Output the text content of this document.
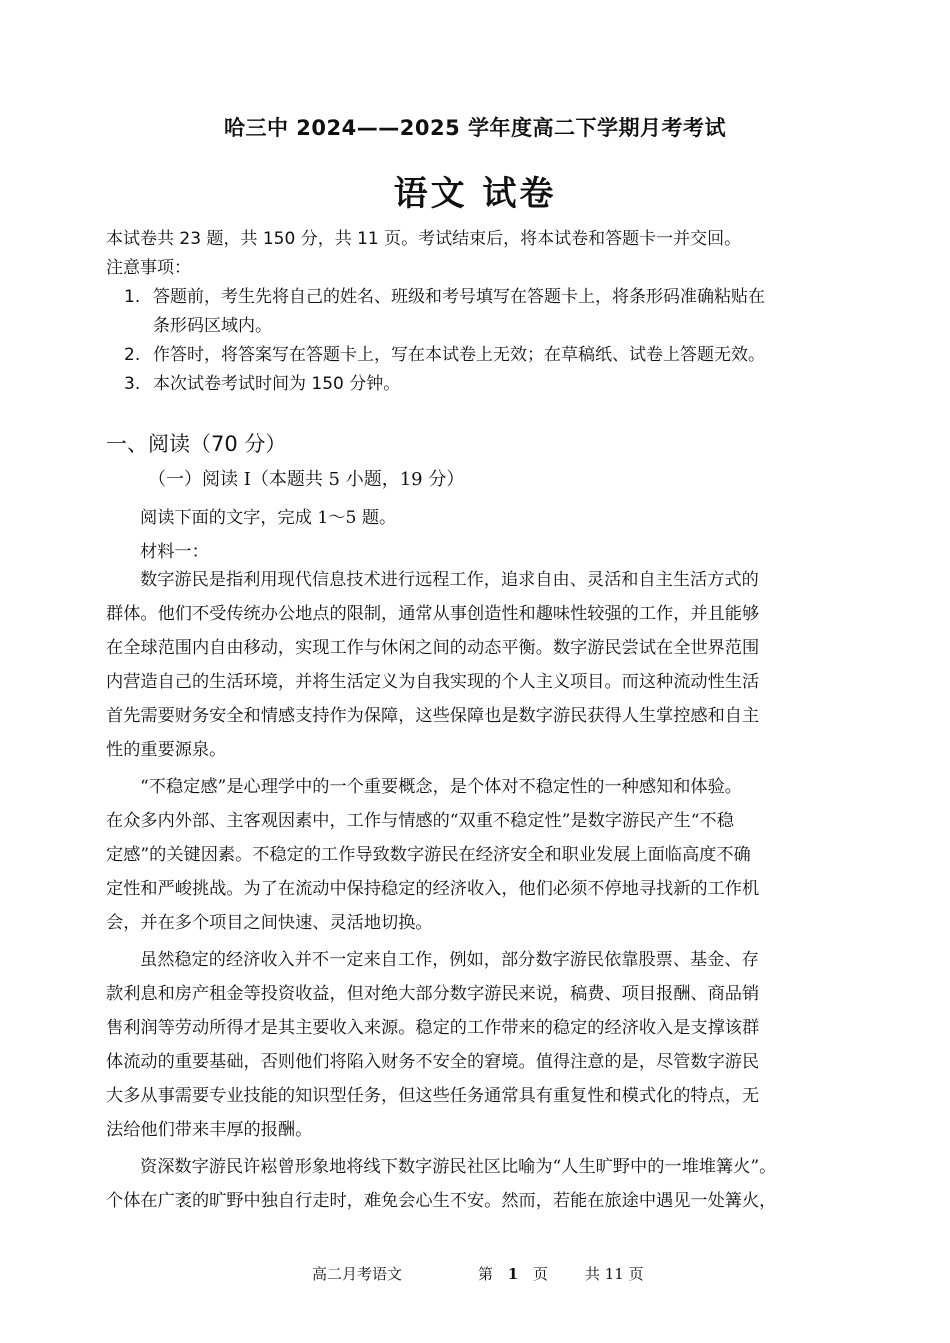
哈三中 2024——2025 学年度高二下学期月考考试
语文 试卷
本试卷共 23 题，共 150 分，共 11 页。考试结束后，将本试卷和答题卡一并交回。
注意事项：
1. 答题前，考生先将自己的姓名、班级和考号填写在答题卡上，将条形码准确粘贴在
条形码区域内。
2. 作答时，将答案写在答题卡上，写在本试卷上无效；在草稿纸、试卷上答题无效。
3. 本次试卷考试时间为 150 分钟。
一、阅读（70 分）
（一）阅读 I（本题共 5 小题，19 分）
阅读下面的文字，完成 1～5 题。
材料一：
数字游民是指利用现代信息技术进行远程工作，追求自由、灵活和自主生活方式的
群体。他们不受传统办公地点的限制，通常从事创造性和趣味性较强的工作，并且能够
在全球范围内自由移动，实现工作与休闲之间的动态平衡。数字游民尝试在全世界范围
内营造自己的生活环境，并将生活定义为自我实现的个人主义项目。而这种流动性生活
首先需要财务安全和情感支持作为保障，这些保障也是数字游民获得人生掌控感和自主
性的重要源泉。
“不稳定感”是心理学中的一个重要概念，是个体对不稳定性的一种感知和体验。
在众多内外部、主客观因素中，工作与情感的“双重不稳定性”是数字游民产生“不稳
定感”的关键因素。不稳定的工作导致数字游民在经济安全和职业发展上面临高度不确
定性和严峻挑战。为了在流动中保持稳定的经济收入，他们必须不停地寻找新的工作机
会，并在多个项目之间快速、灵活地切换。
虽然稳定的经济收入并不一定来自工作，例如，部分数字游民依靠股票、基金、存
款利息和房产租金等投资收益，但对绝大部分数字游民来说，稿费、项目报酬、商品销
售利润等劳动所得才是其主要收入来源。稳定的工作带来的稳定的经济收入是支撑该群
体流动的重要基础，否则他们将陷入财务不安全的窘境。值得注意的是，尽管数字游民
大多从事需要专业技能的知识型任务，但这些任务通常具有重复性和模式化的特点，无
法给他们带来丰厚的报酬。
资深数字游民许崧曾形象地将线下数字游民社区比喻为“人生旷野中的一堆堆篝火”。
个体在广袤的旷野中独自行走时，难免会心生不安。然而，若能在旅途中遇见一处篝火，
高二月考语文	第 1 页 共 11 页
